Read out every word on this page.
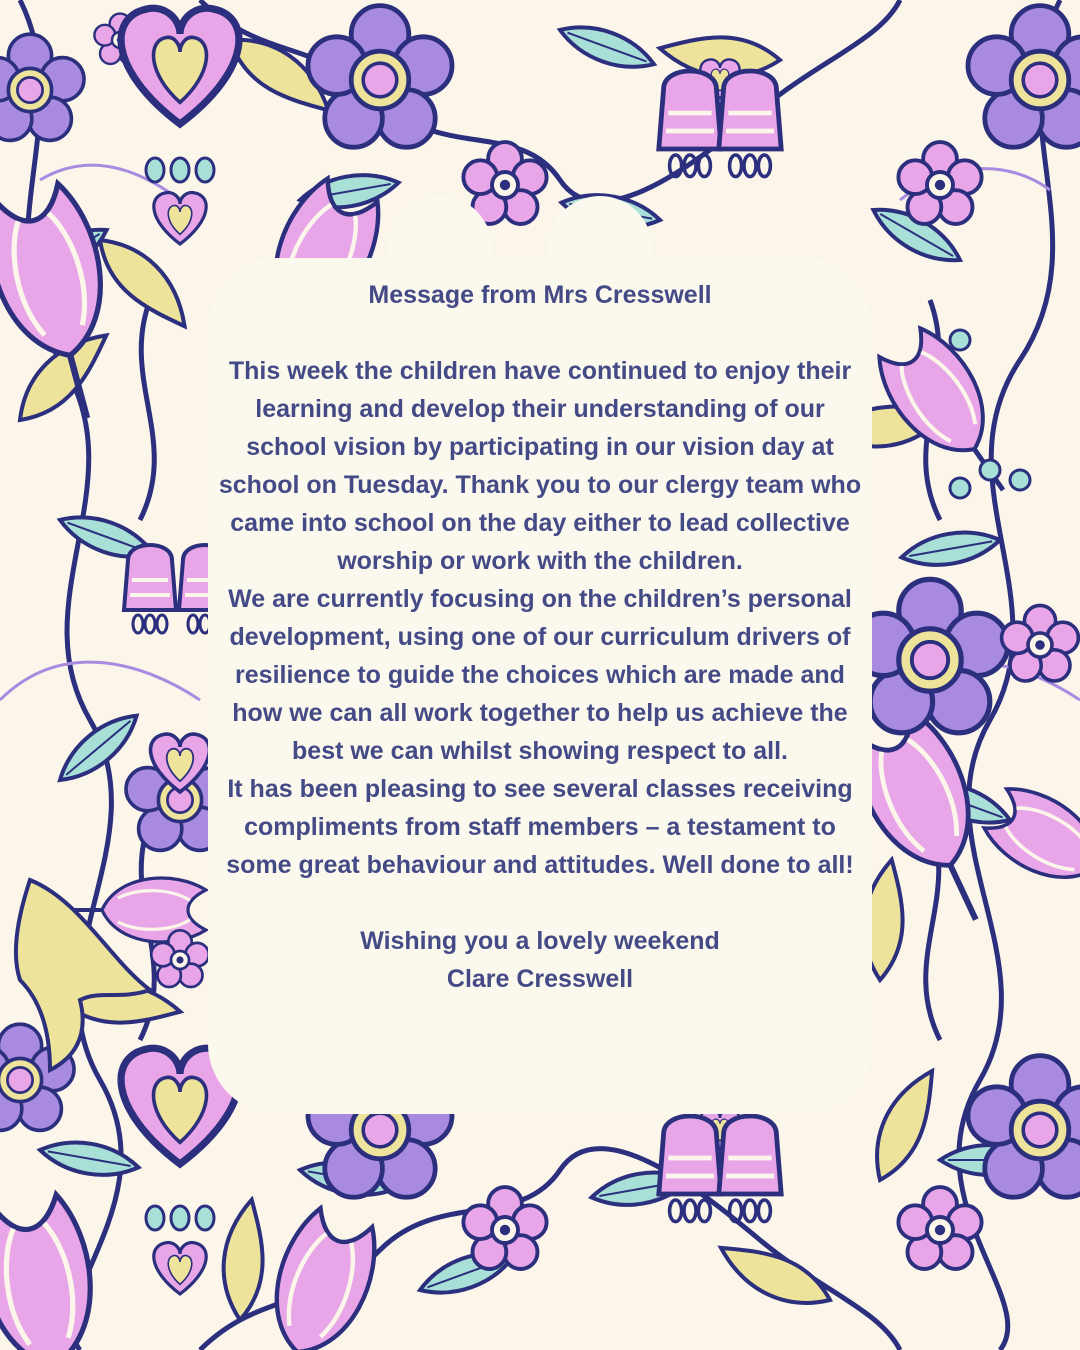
Message from Mrs Cresswell

This week the children have continued to enjoy their learning and develop their understanding of our school vision by participating in our vision day at school on Tuesday. Thank you to our clergy team who came into school on the day either to lead collective worship or work with the children.

We are currently focusing on the children’s personal development, using one of our curriculum drivers of resilience to guide the choices which are made and how we can all work together to help us achieve the best we can whilst showing respect to all.

It has been pleasing to see several classes receiving compliments from staff members – a testament to some great behaviour and attitudes. Well done to all!

Wishing you a lovely weekend

Clare Cresswell
